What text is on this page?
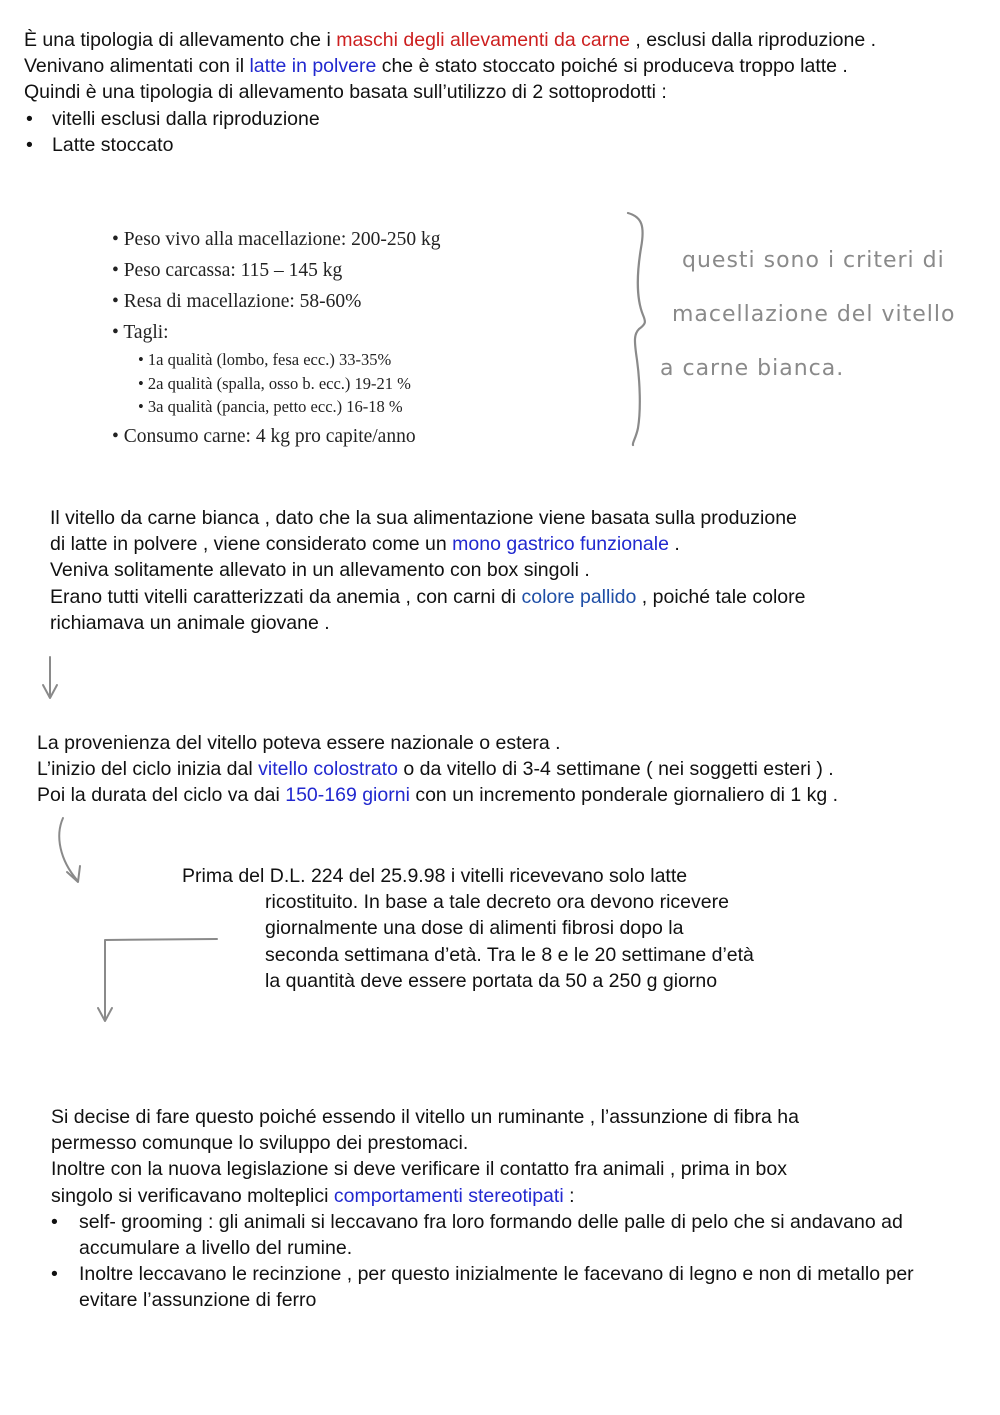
È una tipologia di allevamento che i maschi degli allevamenti da carne , esclusi dalla riproduzione .

Venivano alimentati con il latte in polvere che è stato stoccato poiché si produceva troppo latte .

Quindi è una tipologia di allevamento basata sull’utilizzo di 2 sottoprodotti :

• vitelli esclusi dalla riproduzione
• Latte stoccato
• Peso vivo alla macellazione: 200-250 kg
• Peso carcassa: 115 – 145 kg
• Resa di macellazione: 58-60%
• Tagli:
• 1a qualità (lombo, fesa ecc.) 33-35%
• 2a qualità (spalla, osso b. ecc.) 19-21 %
• 3a qualità (pancia, petto ecc.) 16-18 %
• Consumo carne: 4 kg pro capite/anno
questi sono i criteri di
macellazione del vitello
a carne bianca.

Il vitello da carne bianca , dato che la sua alimentazione viene basata sulla produzione

di latte in polvere , viene considerato come un mono gastrico funzionale .

Veniva solitamente allevato in un allevamento con box singoli .

Erano tutti vitelli caratterizzati da anemia , con carni di colore pallido , poiché tale colore

richiamava un animale giovane .

La provenienza del vitello poteva essere nazionale o estera .

L’inizio del ciclo inizia dal vitello colostrato o da vitello di 3-4 settimane ( nei soggetti esteri ) .

Poi la durata del ciclo va dai 150-169 giorni con un incremento ponderale giornaliero di 1 kg .

Prima del D.L. 224 del 25.9.98 i vitelli ricevevano solo latte

ricostituito. In base a tale decreto ora devono ricevere

giornalmente una dose di alimenti fibrosi dopo la

seconda settimana d’età. Tra le 8 e le 20 settimane d’età

la quantità deve essere portata da 50 a 250 g giorno

Si decise di fare questo poiché essendo il vitello un ruminante , l’assunzione di fibra ha

permesso comunque lo sviluppo dei prestomaci.

Inoltre con la nuova legislazione si deve verificare il contatto fra animali , prima in box

singolo si verificavano molteplici comportamenti stereotipati :

• self- grooming : gli animali si leccavano fra loro formando delle palle di pelo che si andavano ad accumulare a livello del rumine.
• Inoltre leccavano le recinzione , per questo inizialmente le facevano di legno e non di metallo per evitare l’assunzione di ferro
